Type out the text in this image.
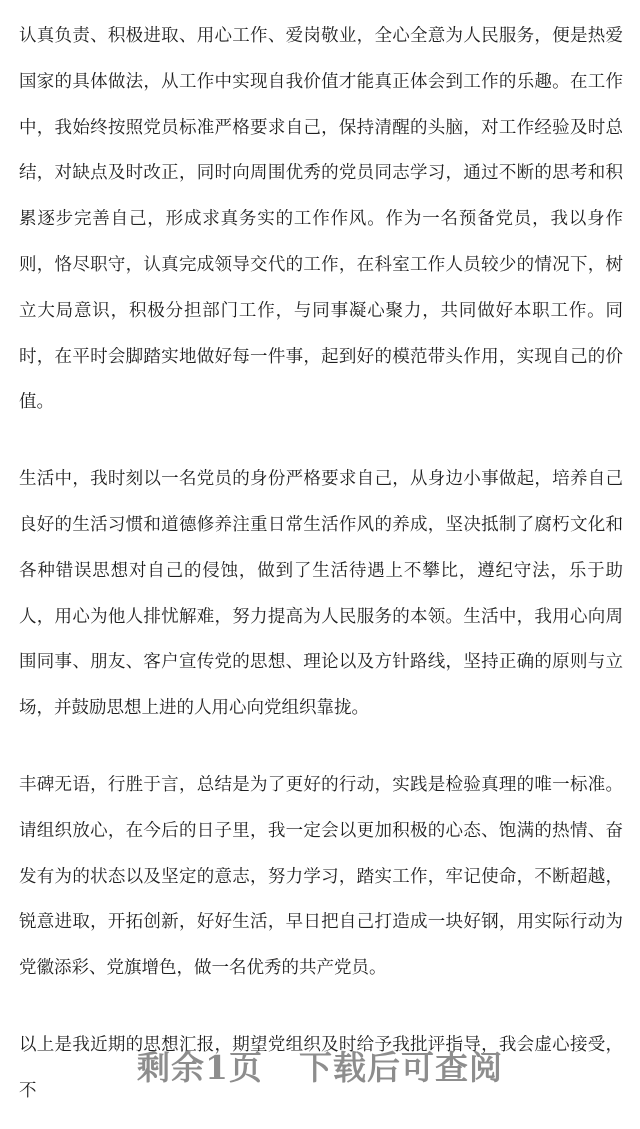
认真负责、积极进取、用心工作、爱岗敬业，全心全意为人民服务，便是热爱国家的具体做法，从工作中实现自我价值才能真正体会到工作的乐趣。在工作中，我始终按照党员标准严格要求自己，保持清醒的头脑，对工作经验及时总结，对缺点及时改正，同时向周围优秀的党员同志学习，通过不断的思考和积累逐步完善自己，形成求真务实的工作作风。作为一名预备党员，我以身作则，恪尽职守，认真完成领导交代的工作，在科室工作人员较少的情况下，树立大局意识，积极分担部门工作，与同事凝心聚力，共同做好本职工作。同时，在平时会脚踏实地做好每一件事，起到好的模范带头作用，实现自己的价值。

生活中，我时刻以一名党员的身份严格要求自己，从身边小事做起，培养自己良好的生活习惯和道德修养注重日常生活作风的养成，坚决抵制了腐朽文化和各种错误思想对自己的侵蚀，做到了生活待遇上不攀比，遵纪守法，乐于助人，用心为他人排忧解难，努力提高为人民服务的本领。生活中，我用心向周围同事、朋友、客户宣传党的思想、理论以及方针路线，坚持正确的原则与立场，并鼓励思想上进的人用心向党组织靠拢。

丰碑无语，行胜于言，总结是为了更好的行动，实践是检验真理的唯一标准。请组织放心，在今后的日子里，我一定会以更加积极的心态、饱满的热情、奋发有为的状态以及坚定的意志，努力学习，踏实工作，牢记使命，不断超越，锐意进取，开拓创新，好好生活，早日把自己打造成一块好钢，用实际行动为党徽添彩、党旗增色，做一名优秀的共产党员。

以上是我近期的思想汇报，期望党组织及时给予我批评指导，我会虚心接受，不

剩余1页 下载后可查阅
